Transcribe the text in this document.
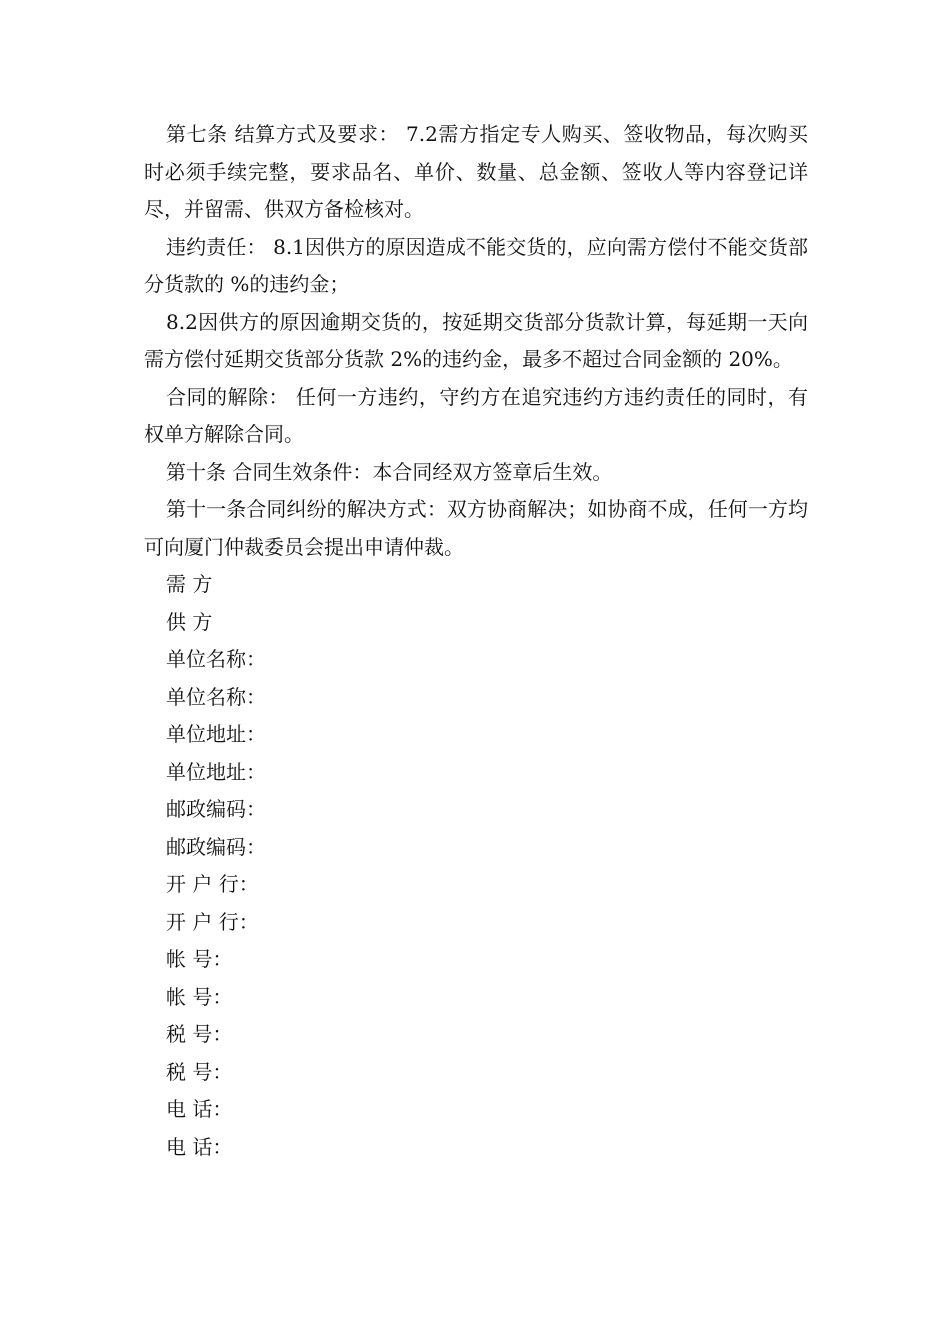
第七条 结算方式及要求： 7.2需方指定专人购买、签收物品，每次购买时必须手续完整，要求品名、单价、数量、总金额、签收人等内容登记详尽，并留需、供双方备检核对。

违约责任： 8.1因供方的原因造成不能交货的，应向需方偿付不能交货部分货款的 %的违约金；

8.2因供方的原因逾期交货的，按延期交货部分货款计算，每延期一天向需方偿付延期交货部分货款 2%的违约金，最多不超过合同金额的 20%。

合同的解除： 任何一方违约，守约方在追究违约方违约责任的同时，有权单方解除合同。

第十条 合同生效条件：本合同经双方签章后生效。

第十一条合同纠纷的解决方式：双方协商解决；如协商不成，任何一方均可向厦门仲裁委员会提出申请仲裁。

需 方

供 方

单位名称：

单位名称：

单位地址：

单位地址：

邮政编码：

邮政编码：

开 户 行：

开 户 行：

帐 号：

帐 号：

税 号：

税 号：

电 话：

电 话：
